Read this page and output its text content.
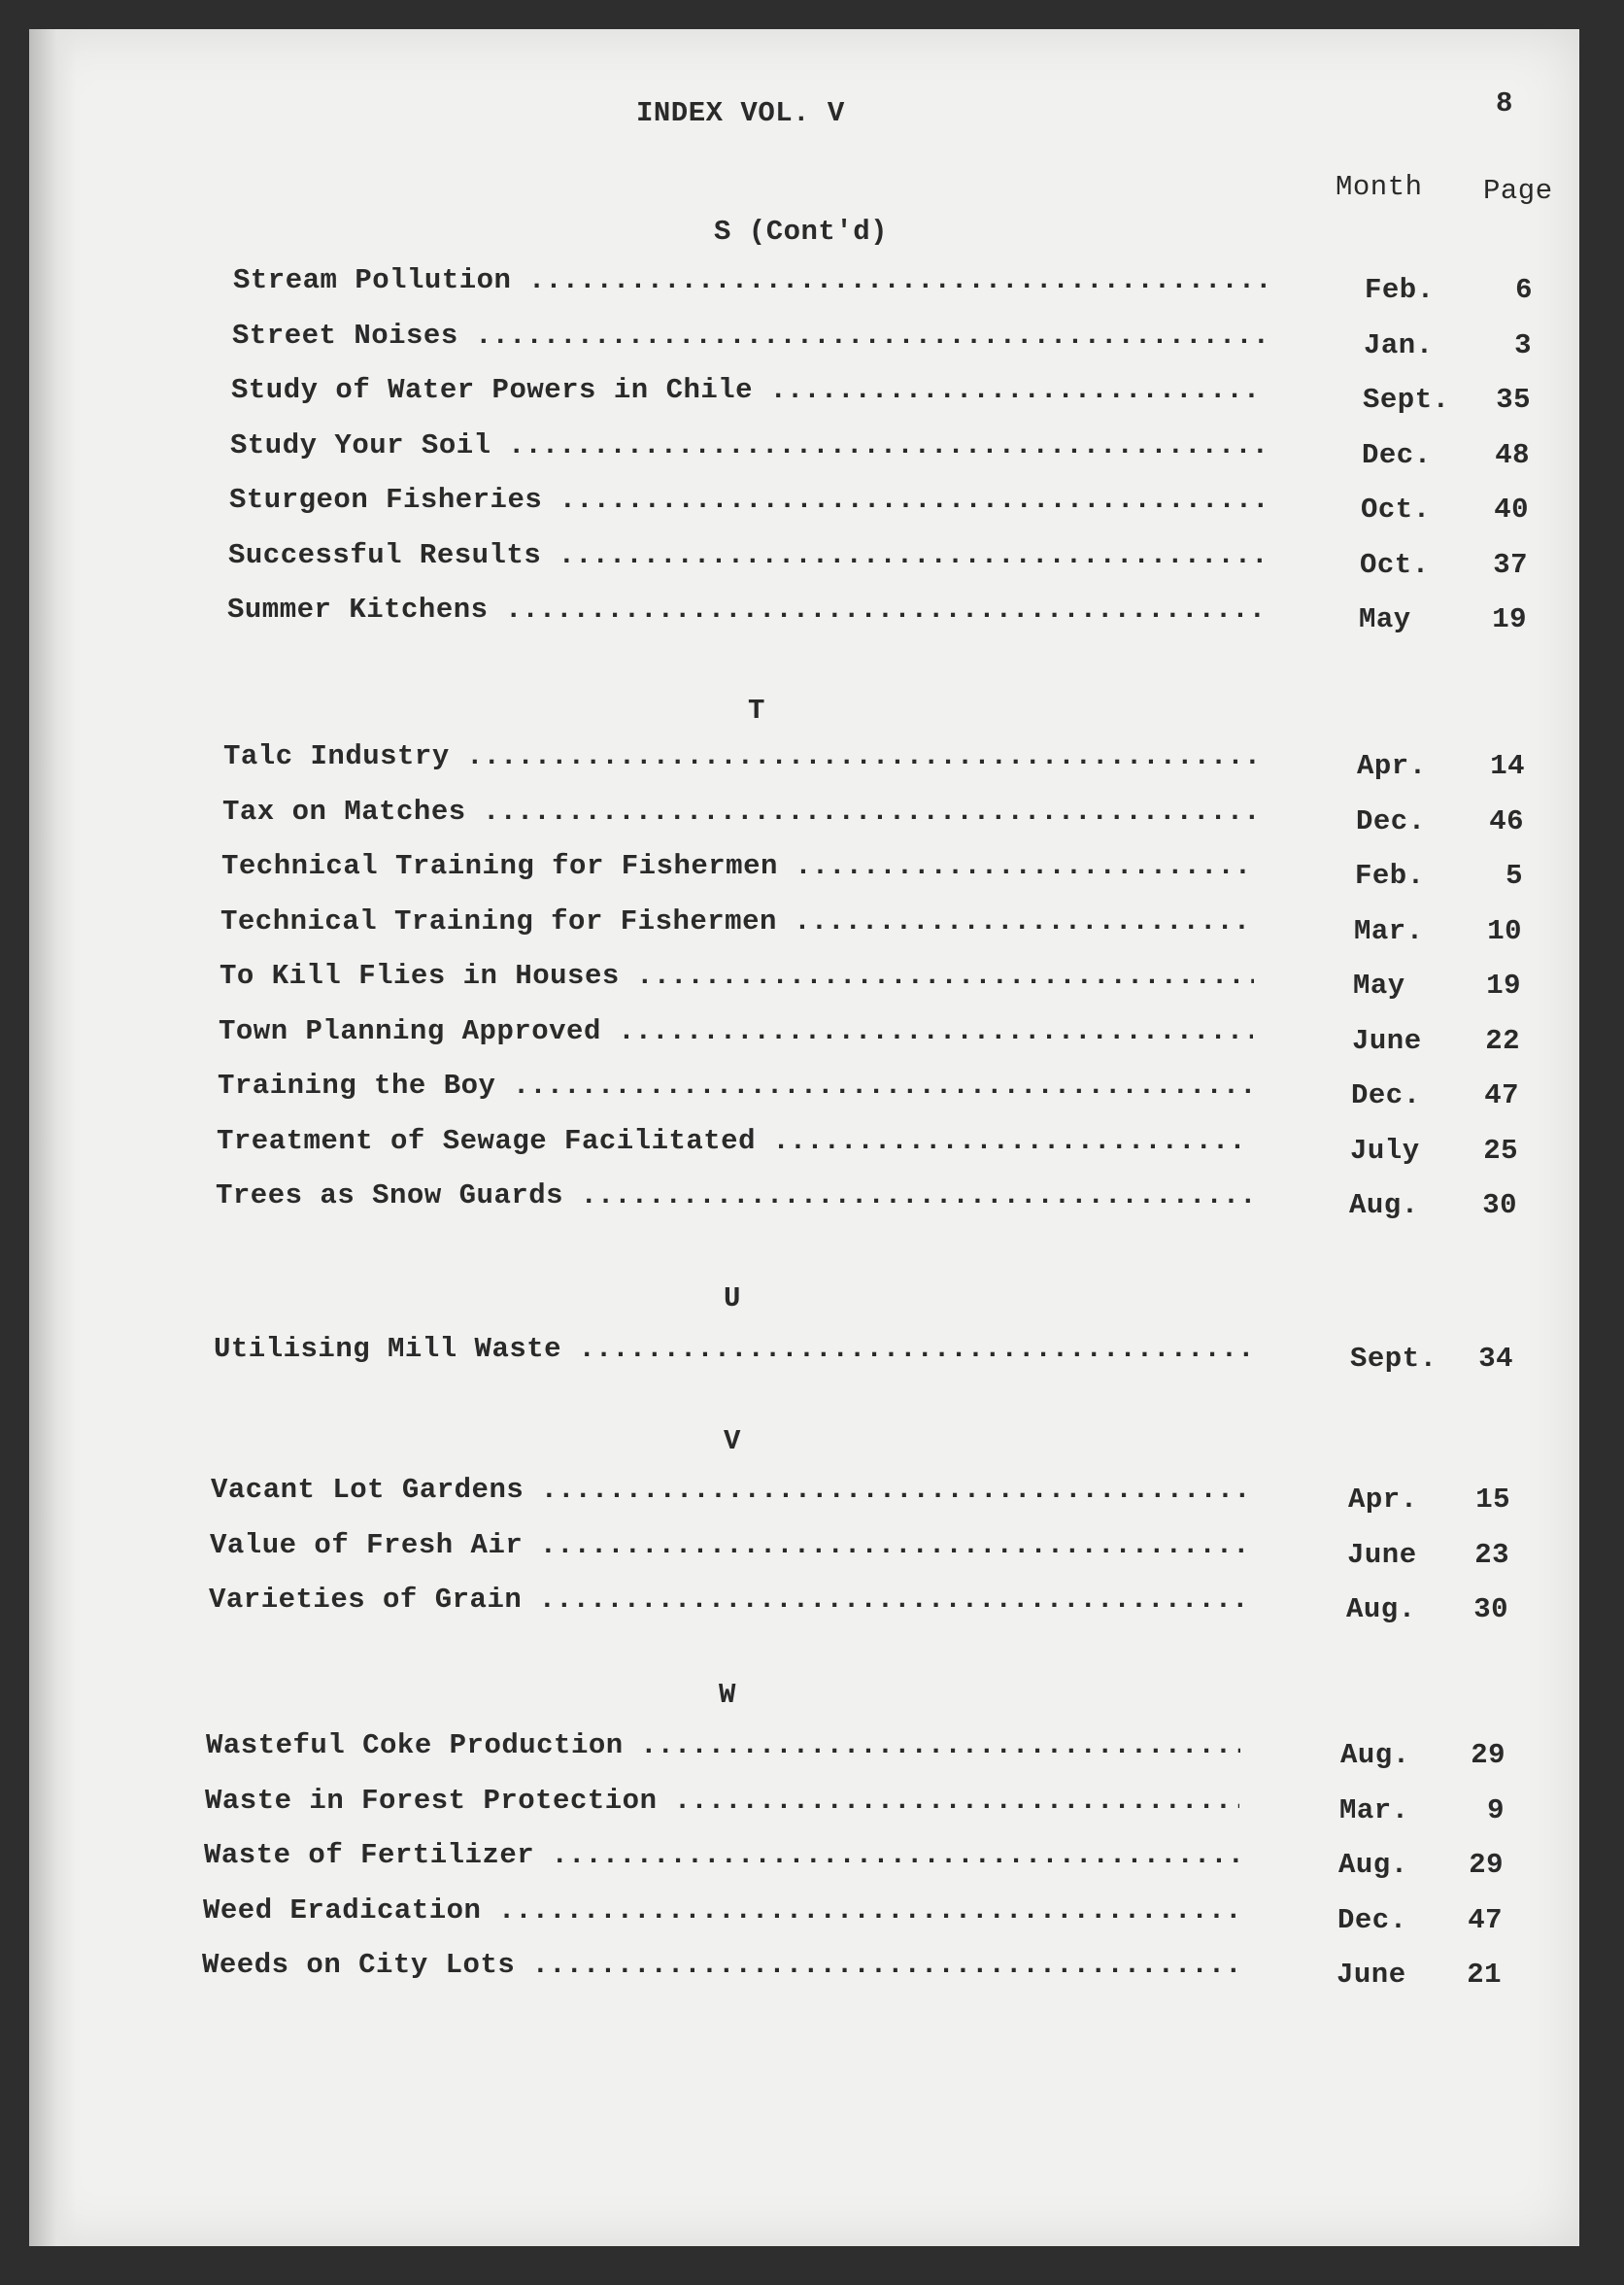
INDEX VOL. V	8
Month Page
S (Cont'd)
Stream Pollution .....	Feb.	6
Street Noises .....	Jan.	3
Study of Water Powers in Chile .....	Sept.	35
Study Your Soil .....	Dec.	48
Sturgeon Fisheries .....	Oct.	40
Successful Results .....	Oct.	37
Summer Kitchens .....	May	19
T
Talc Industry .....	Apr.	14
Tax on Matches .....	Dec.	46
Technical Training for Fishermen .....	Feb.	5
Technical Training for Fishermen .....	Mar.	10
To Kill Flies in Houses .....	May	19
Town Planning Approved .....	June	22
Training the Boy .....	Dec.	47
Treatment of Sewage Facilitated .....	July	25
Trees as Snow Guards .....	Aug.	30
U
Utilising Mill Waste .....	Sept.	34
V
Vacant Lot Gardens .....	Apr.	15
Value of Fresh Air .....	June	23
Varieties of Grain .....	Aug.	30
W
Wasteful Coke Production .....	Aug.	29
Waste in Forest Protection .....	Mar.	9
Waste of Fertilizer .....	Aug.	29
Weed Eradication .....	Dec.	47
Weeds on City Lots .....	June	21
